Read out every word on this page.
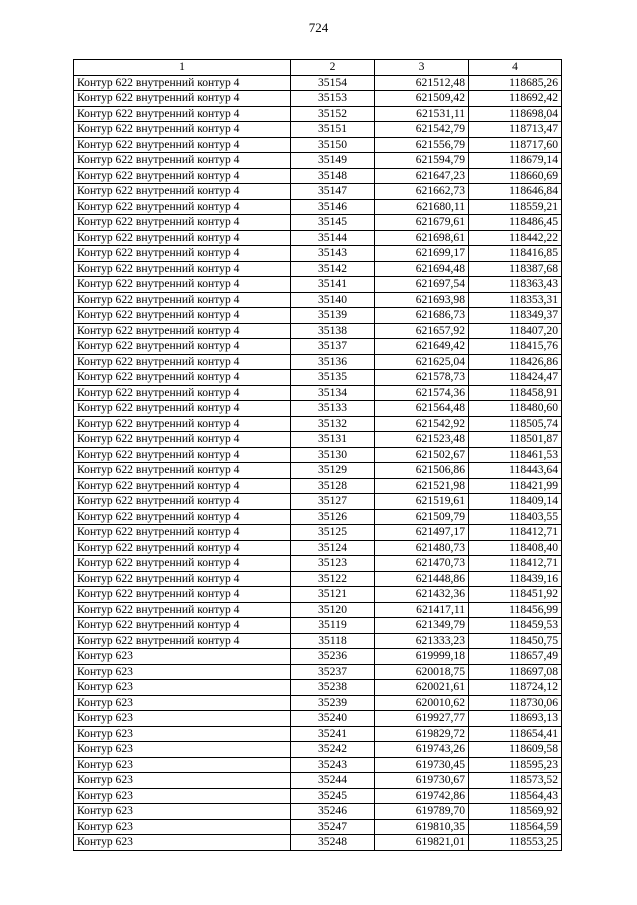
724
1	2	3	4
Контур 622 внутренний контур 4	35154	621512,48	118685,26
Контур 622 внутренний контур 4	35153	621509,42	118692,42
Контур 622 внутренний контур 4	35152	621531,11	118698,04
Контур 622 внутренний контур 4	35151	621542,79	118713,47
Контур 622 внутренний контур 4	35150	621556,79	118717,60
Контур 622 внутренний контур 4	35149	621594,79	118679,14
Контур 622 внутренний контур 4	35148	621647,23	118660,69
Контур 622 внутренний контур 4	35147	621662,73	118646,84
Контур 622 внутренний контур 4	35146	621680,11	118559,21
Контур 622 внутренний контур 4	35145	621679,61	118486,45
Контур 622 внутренний контур 4	35144	621698,61	118442,22
Контур 622 внутренний контур 4	35143	621699,17	118416,85
Контур 622 внутренний контур 4	35142	621694,48	118387,68
Контур 622 внутренний контур 4	35141	621697,54	118363,43
Контур 622 внутренний контур 4	35140	621693,98	118353,31
Контур 622 внутренний контур 4	35139	621686,73	118349,37
Контур 622 внутренний контур 4	35138	621657,92	118407,20
Контур 622 внутренний контур 4	35137	621649,42	118415,76
Контур 622 внутренний контур 4	35136	621625,04	118426,86
Контур 622 внутренний контур 4	35135	621578,73	118424,47
Контур 622 внутренний контур 4	35134	621574,36	118458,91
Контур 622 внутренний контур 4	35133	621564,48	118480,60
Контур 622 внутренний контур 4	35132	621542,92	118505,74
Контур 622 внутренний контур 4	35131	621523,48	118501,87
Контур 622 внутренний контур 4	35130	621502,67	118461,53
Контур 622 внутренний контур 4	35129	621506,86	118443,64
Контур 622 внутренний контур 4	35128	621521,98	118421,99
Контур 622 внутренний контур 4	35127	621519,61	118409,14
Контур 622 внутренний контур 4	35126	621509,79	118403,55
Контур 622 внутренний контур 4	35125	621497,17	118412,71
Контур 622 внутренний контур 4	35124	621480,73	118408,40
Контур 622 внутренний контур 4	35123	621470,73	118412,71
Контур 622 внутренний контур 4	35122	621448,86	118439,16
Контур 622 внутренний контур 4	35121	621432,36	118451,92
Контур 622 внутренний контур 4	35120	621417,11	118456,99
Контур 622 внутренний контур 4	35119	621349,79	118459,53
Контур 622 внутренний контур 4	35118	621333,23	118450,75
Контур 623	35236	619999,18	118657,49
Контур 623	35237	620018,75	118697,08
Контур 623	35238	620021,61	118724,12
Контур 623	35239	620010,62	118730,06
Контур 623	35240	619927,77	118693,13
Контур 623	35241	619829,72	118654,41
Контур 623	35242	619743,26	118609,58
Контур 623	35243	619730,45	118595,23
Контур 623	35244	619730,67	118573,52
Контур 623	35245	619742,86	118564,43
Контур 623	35246	619789,70	118569,92
Контур 623	35247	619810,35	118564,59
Контур 623	35248	619821,01	118553,25
